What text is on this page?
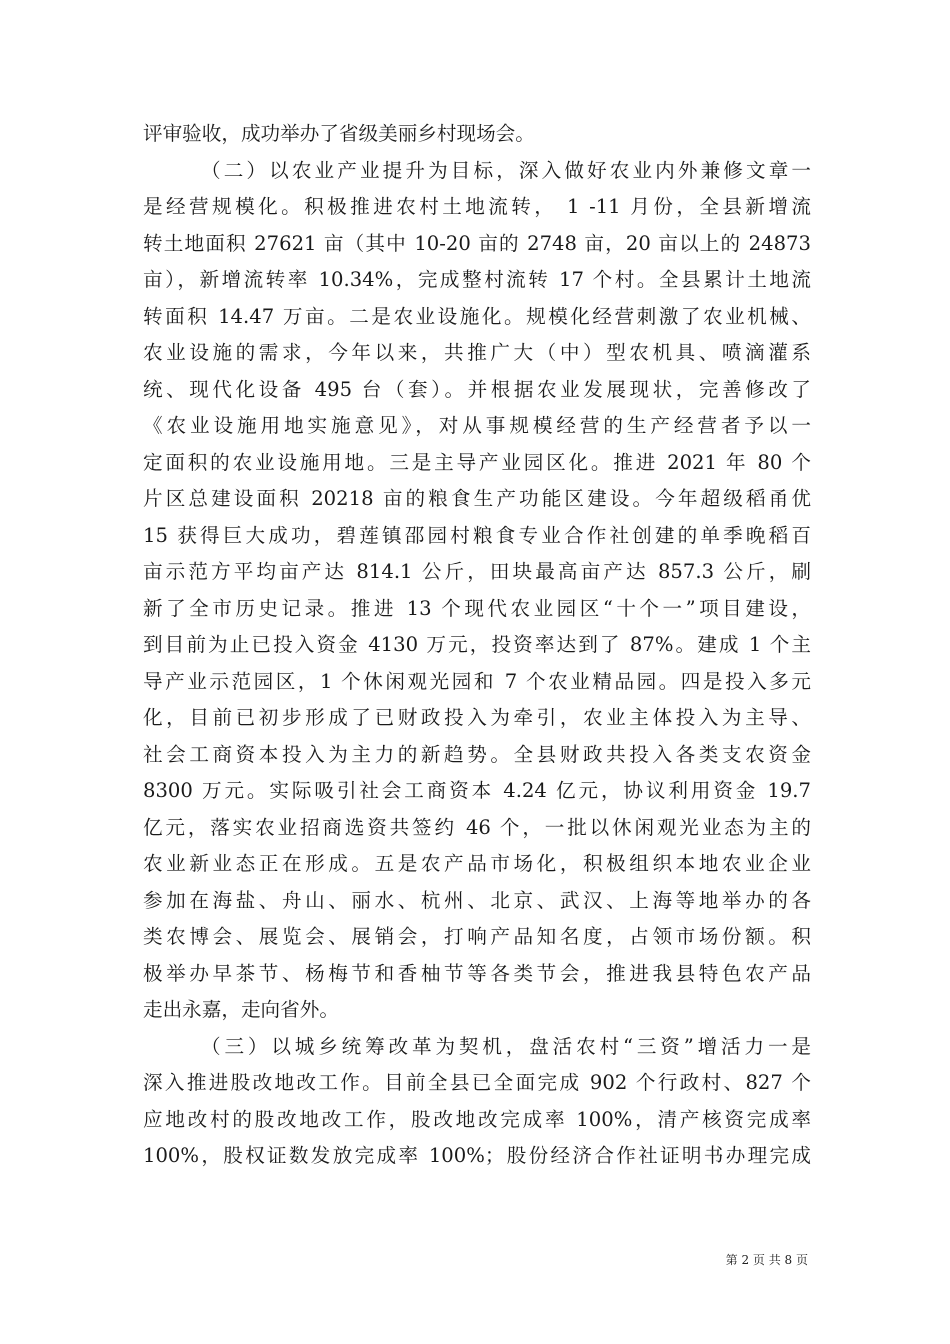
评审验收，成功举办了省级美丽乡村现场会。
（二）以农业产业提升为目标，深入做好农业内外兼修文章一
是经营规模化。积极推进农村土地流转， 1 -11 月份，全县新增流
转土地面积 27621 亩（其中 10-20 亩的 2748 亩，20 亩以上的 24873
亩），新增流转率 10.34%，完成整村流转 17 个村。全县累计土地流
转面积 14.47 万亩。二是农业设施化。规模化经营刺激了农业机械、
农业设施的需求，今年以来，共推广大（中）型农机具、喷滴灌系
统、现代化设备 495 台（套）。并根据农业发展现状，完善修改了
《农业设施用地实施意见》，对从事规模经营的生产经营者予以一
定面积的农业设施用地。三是主导产业园区化。推进 2021 年 80 个
片区总建设面积 20218 亩的粮食生产功能区建设。今年超级稻甬优
15 获得巨大成功，碧莲镇邵园村粮食专业合作社创建的单季晚稻百
亩示范方平均亩产达 814.1 公斤，田块最高亩产达 857.3 公斤，刷
新了全市历史记录。推进 13 个现代农业园区“十个一”项目建设，
到目前为止已投入资金 4130 万元，投资率达到了 87%。建成 1 个主
导产业示范园区，1 个休闲观光园和 7 个农业精品园。四是投入多元
化，目前已初步形成了已财政投入为牵引，农业主体投入为主导、
社会工商资本投入为主力的新趋势。全县财政共投入各类支农资金
8300 万元。实际吸引社会工商资本 4.24 亿元，协议利用资金 19.7
亿元，落实农业招商选资共签约 46 个，一批以休闲观光业态为主的
农业新业态正在形成。五是农产品市场化，积极组织本地农业企业
参加在海盐、舟山、丽水、杭州、北京、武汉、上海等地举办的各
类农博会、展览会、展销会，打响产品知名度，占领市场份额。积
极举办早茶节、杨梅节和香柚节等各类节会，推进我县特色农产品
走出永嘉，走向省外。
（三）以城乡统筹改革为契机，盘活农村“三资”增活力一是
深入推进股改地改工作。目前全县已全面完成 902 个行政村、827 个
应地改村的股改地改工作，股改地改完成率 100%，清产核资完成率
100%，股权证数发放完成率 100%；股份经济合作社证明书办理完成
第 2 页 共 8 页
